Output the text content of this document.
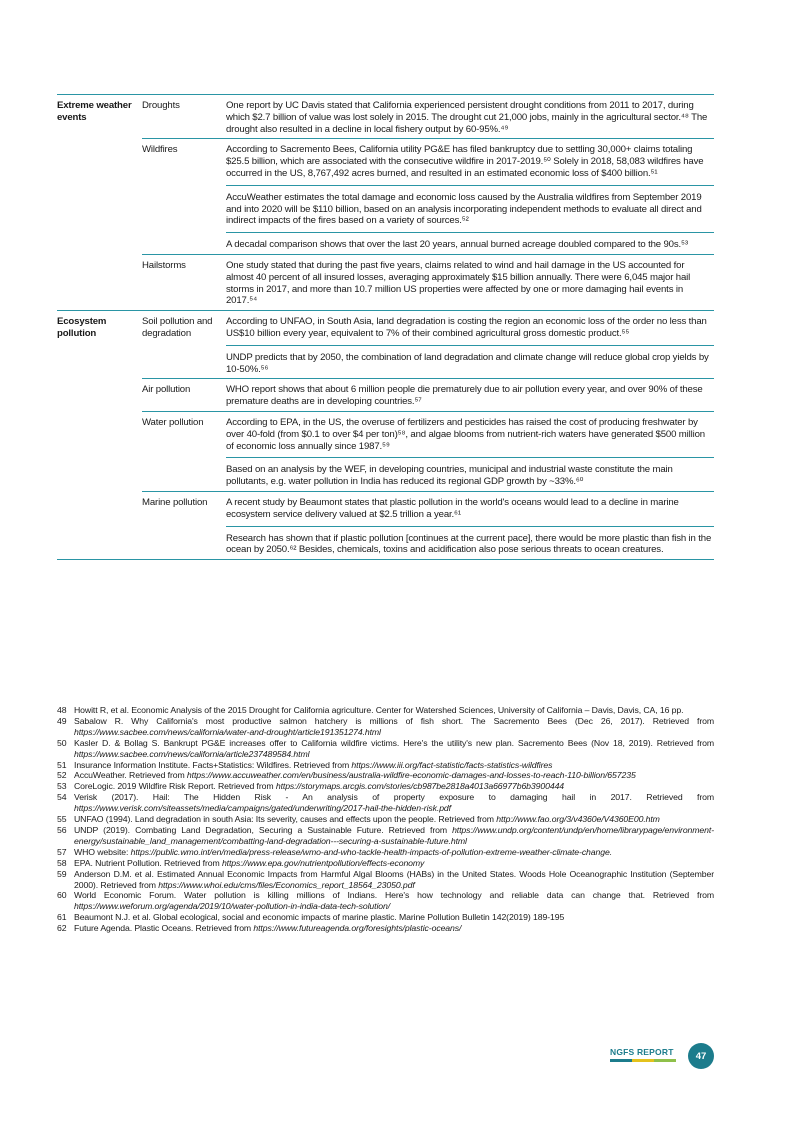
Extreme weather events	Droughts	One report by UC Davis stated that California experienced persistent drought conditions from 2011 to 2017, during which $2.7 billion of value was lost solely in 2015. The drought cut 21,000 jobs, mainly in the agricultural sector.⁴⁸ The drought also resulted in a decline in local fishery output by 60-95%.⁴⁹

	Wildfires	According to Sacremento Bees, California utility PG&E has filed bankruptcy due to settling 30,000+ claims totaling $25.5 billion, which are associated with the consecutive wildfire in 2017-2019.⁵⁰ Solely in 2018, 58,083 wildfires have occurred in the US, 8,767,492 acres burned, and resulted in an estimated economic loss of $400 billion.⁵¹

AccuWeather estimates the total damage and economic loss caused by the Australia wildfires from September 2019 and into 2020 will be $110 billion, based on an analysis incorporating independent methods to evaluate all direct and indirect impacts of the fires based on a variety of sources.⁵²

A decadal comparison shows that over the last 20 years, annual burned acreage doubled compared to the 90s.⁵³

	Hailstorms	One study stated that during the past five years, claims related to wind and hail damage in the US accounted for almost 40 percent of all insured losses, averaging approximately $15 billion annually. There were 6,045 major hail storms in 2017, and more than 10.7 million US properties were affected by one or more damaging hail events in 2017.⁵⁴

Ecosystem pollution	Soil pollution and degradation	According to UNFAO, in South Asia, land degradation is costing the region an economic loss of the order no less than US$10 billion every year, equivalent to 7% of their combined agricultural gross domestic product.⁵⁵

UNDP predicts that by 2050, the combination of land degradation and climate change will reduce global crop yields by 10-50%.⁵⁶

	Air pollution	WHO report shows that about 6 million people die prematurely due to air pollution every year, and over 90% of these premature deaths are in developing countries.⁵⁷

	Water pollution	According to EPA, in the US, the overuse of fertilizers and pesticides has raised the cost of producing freshwater by over 40-fold (from $0.1 to over $4 per ton)⁵⁸, and algae blooms from nutrient-rich waters have generated $500 million of economic loss annually since 1987.⁵⁹

Based on an analysis by the WEF, in developing countries, municipal and industrial waste constitute the main pollutants, e.g. water pollution in India has reduced its regional GDP growth by ~33%.⁶⁰

	Marine pollution	A recent study by Beaumont states that plastic pollution in the world's oceans would lead to a decline in marine ecosystem service delivery valued at $2.5 trillion a year.⁶¹

Research has shown that if plastic pollution [continues at the current pace], there would be more plastic than fish in the ocean by 2050.⁶² Besides, chemicals, toxins and acidification also pose serious threats to ocean creatures.

48 Howitt R, et al. Economic Analysis of the 2015 Drought for California agriculture. Center for Watershed Sciences, University of California – Davis, Davis, CA, 16 pp.
49 Sabalow R. Why California's most productive salmon hatchery is millions of fish short. The Sacremento Bees (Dec 26, 2017). Retrieved from https://www.sacbee.com/news/california/water-and-drought/article191351274.html
50 Kasler D. & Bollag S. Bankrupt PG&E increases offer to California wildfire victims. Here's the utility's new plan. Sacremento Bees (Nov 18, 2019). Retrieved from https://www.sacbee.com/news/california/article237489584.html
51 Insurance Information Institute. Facts+Statistics: Wildfires. Retrieved from https://www.iii.org/fact-statistic/facts-statistics-wildfires
52 AccuWeather. Retrieved from https://www.accuweather.com/en/business/australia-wildfire-economic-damages-and-losses-to-reach-110-billion/657235
53 CoreLogic. 2019 Wildfire Risk Report. Retrieved from https://storymaps.arcgis.com/stories/cb987be2818a4013a66977b6b3900444
54 Verisk (2017). Hail: The Hidden Risk - An analysis of property exposure to damaging hail in 2017. Retrieved from https://www.verisk.com/siteassets/media/campaigns/gated/underwriting/2017-hail-the-hidden-risk.pdf
55 UNFAO (1994). Land degradation in south Asia: Its severity, causes and effects upon the people. Retrieved from http://www.fao.org/3/v4360e/V4360E00.htm
56 UNDP (2019). Combating Land Degradation, Securing a Sustainable Future. Retrieved from https://www.undp.org/content/undp/en/home/librarypage/environment-energy/sustainable_land_management/combatting-land-degradation---securing-a-sustainable-future.html
57 WHO website: https://public.wmo.int/en/media/press-release/wmo-and-who-tackle-health-impacts-of-pollution-extreme-weather-climate-change.
58 EPA. Nutrient Pollution. Retrieved from https://www.epa.gov/nutrientpollution/effects-economy
59 Anderson D.M. et al. Estimated Annual Economic Impacts from Harmful Algal Blooms (HABs) in the United States. Woods Hole Oceanographic Institution (September 2000). Retrieved from https://www.whoi.edu/cms/files/Economics_report_18564_23050.pdf
60 World Economic Forum. Water pollution is killing millions of Indians. Here's how technology and reliable data can change that. Retrieved from https://www.weforum.org/agenda/2019/10/water-pollution-in-india-data-tech-solution/
61 Beaumont N.J. et al. Global ecological, social and economic impacts of marine plastic. Marine Pollution Bulletin 142(2019) 189-195
62 Future Agenda. Plastic Oceans. Retrieved from https://www.futureagenda.org/foresights/plastic-oceans/
NGFS REPORT	47
